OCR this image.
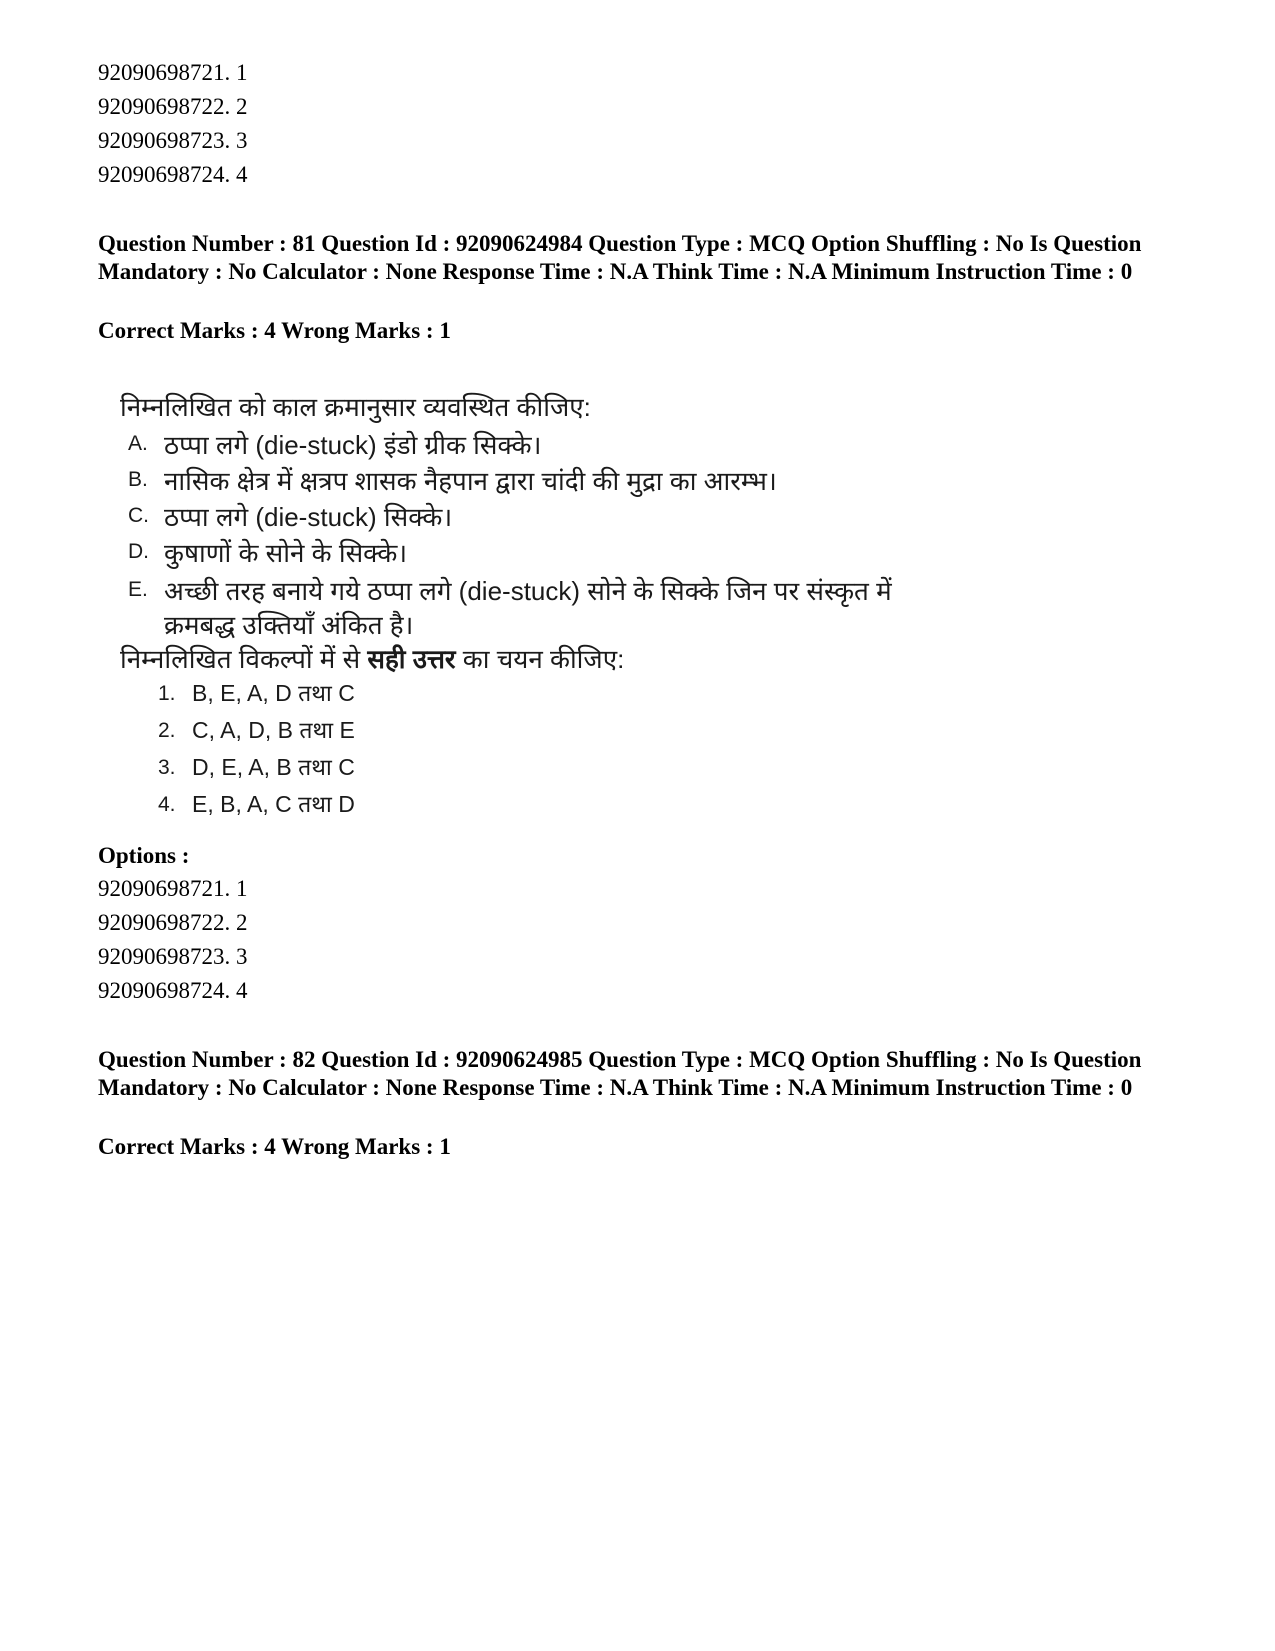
92090698721. 1
92090698722. 2
92090698723. 3
92090698724. 4
Question Number : 81 Question Id : 92090624984 Question Type : MCQ Option Shuffling : No Is Question Mandatory : No Calculator : None Response Time : N.A Think Time : N.A Minimum Instruction Time : 0
Correct Marks : 4 Wrong Marks : 1
निम्नलिखित को काल क्रमानुसार व्यवस्थित कीजिए:
A. ठप्पा लगे (die-stuck) इंडो ग्रीक सिक्के।
B. नासिक क्षेत्र में क्षत्रप शासक नैहपान द्वारा चांदी की मुद्रा का आरम्भ।
C. ठप्पा लगे (die-stuck) सिक्के।
D. कुषाणों के सोने के सिक्के।
E. अच्छी तरह बनाये गये ठप्पा लगे (die-stuck) सोने के सिक्के जिन पर संस्कृत में
क्रमबद्ध उक्तियाँ अंकित है।
निम्नलिखित विकल्पों में से सही उत्तर का चयन कीजिए:
1. B, E, A, D तथा C
2. C, A, D, B तथा E
3. D, E, A, B तथा C
4. E, B, A, C तथा D
Options :
92090698721. 1
92090698722. 2
92090698723. 3
92090698724. 4
Question Number : 82 Question Id : 92090624985 Question Type : MCQ Option Shuffling : No Is Question Mandatory : No Calculator : None Response Time : N.A Think Time : N.A Minimum Instruction Time : 0
Correct Marks : 4 Wrong Marks : 1
